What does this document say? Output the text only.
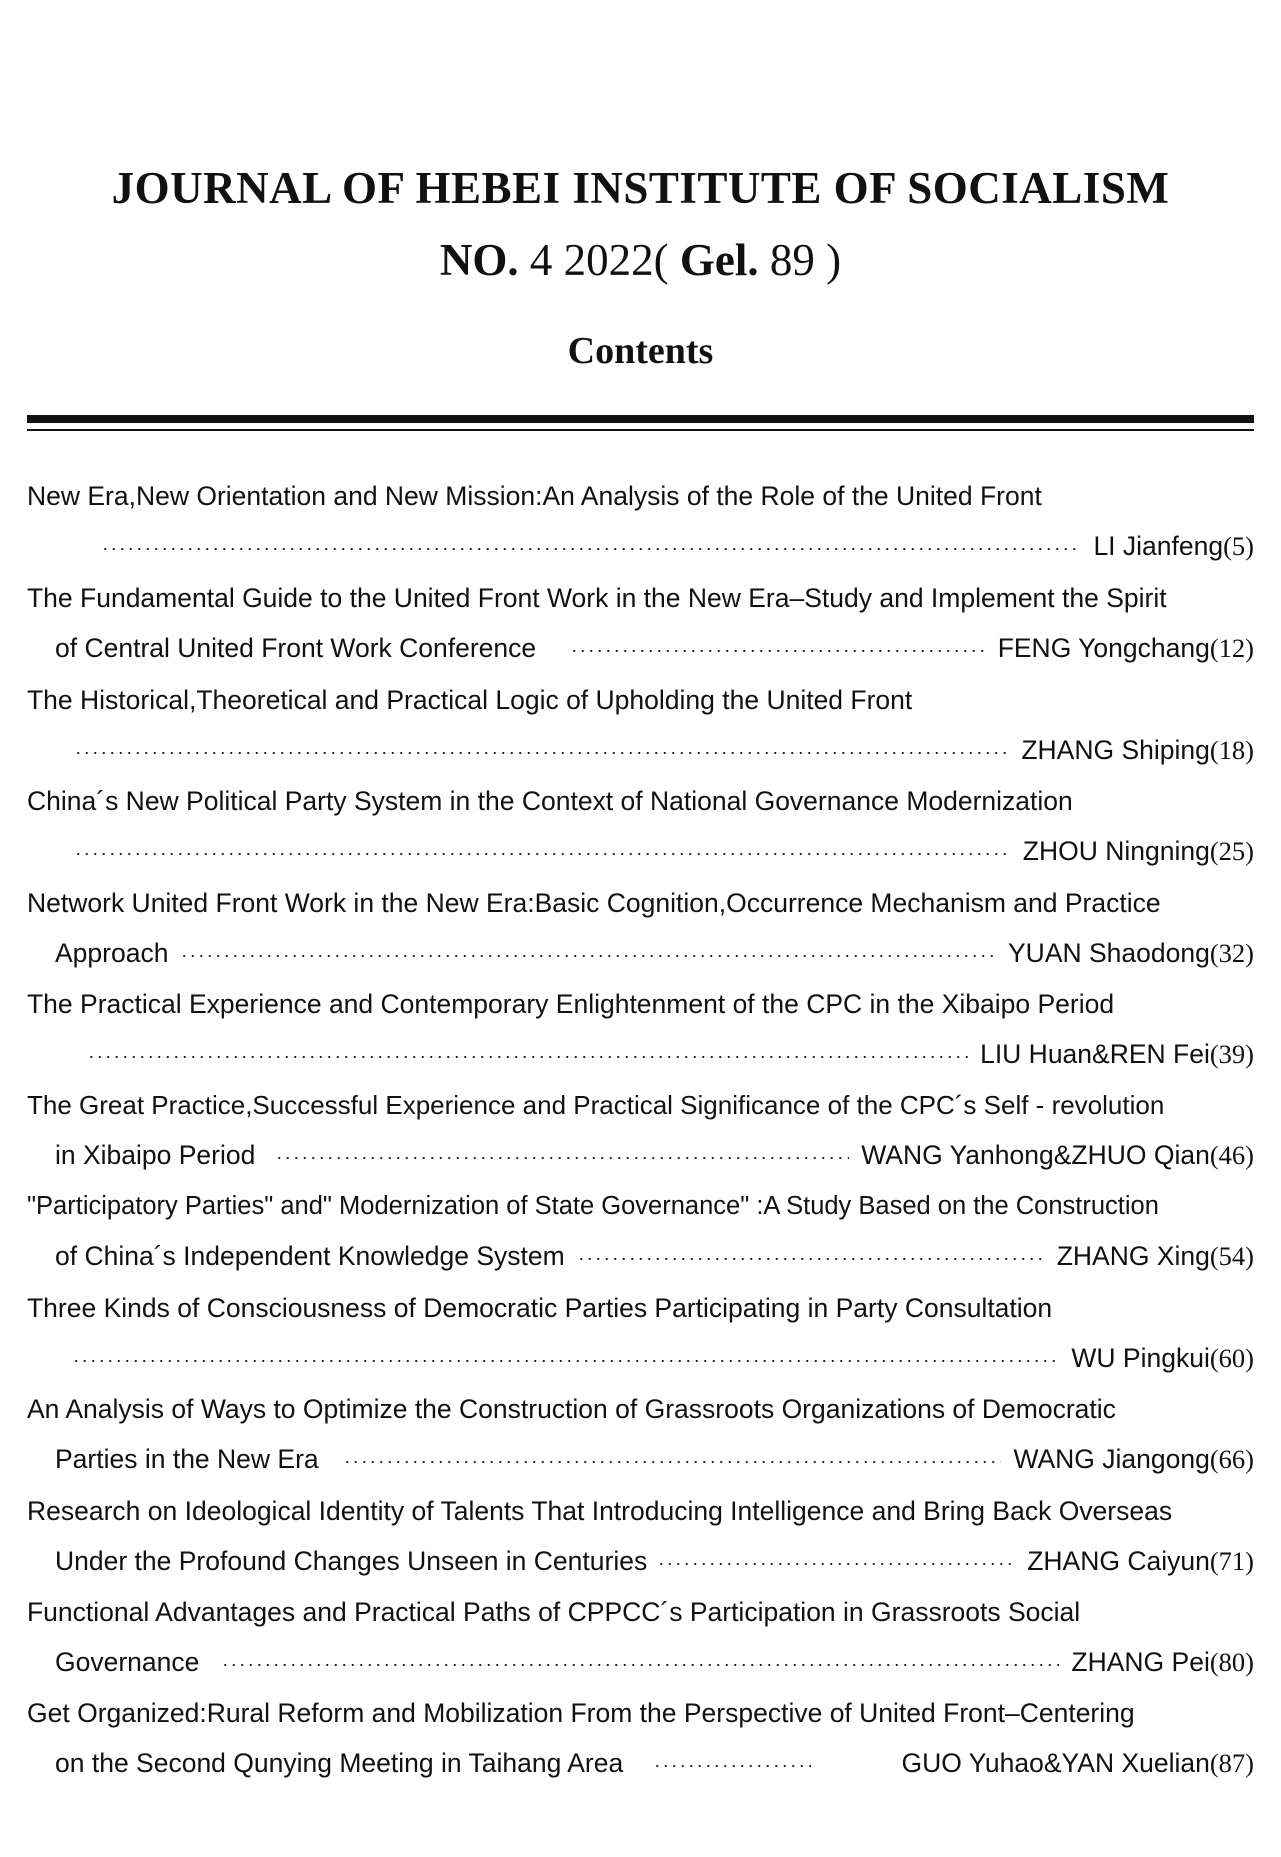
JOURNAL OF HEBEI INSTITUTE OF SOCIALISM

NO. 4 2022( Gel. 89 )

Contents
New Era,New Orientation and New Mission:An Analysis of the Role of the United Front
LI Jianfeng (5)
The Fundamental Guide to the United Front Work in the New Era–Study and Implement the Spirit
of Central United Front Work Conference	FENG Yongchang (12)
The Historical,Theoretical and Practical Logic of Upholding the United Front
ZHANG Shiping (18)
China´s New Political Party System in the Context of National Governance Modernization
ZHOU Ningning (25)
Network United Front Work in the New Era:Basic Cognition,Occurrence Mechanism and Practice
Approach	YUAN Shaodong (32)
The Practical Experience and Contemporary Enlightenment of the CPC in the Xibaipo Period
LIU Huan&REN Fei (39)
The Great Practice,Successful Experience and Practical Significance of the CPC´s Self - revolution
in Xibaipo Period	WANG Yanhong&ZHUO Qian (46)
"Participatory Parties" and" Modernization of State Governance" :A Study Based on the Construction
of China´s Independent Knowledge System	ZHANG Xing (54)
Three Kinds of Consciousness of Democratic Parties Participating in Party Consultation
WU Pingkui (60)
An Analysis of Ways to Optimize the Construction of Grassroots Organizations of Democratic
Parties in the New Era	WANG Jiangong (66)
Research on Ideological Identity of Talents That Introducing Intelligence and Bring Back Overseas
Under the Profound Changes Unseen in Centuries	ZHANG Caiyun (71)
Functional Advantages and Practical Paths of CPPCC´s Participation in Grassroots Social
Governance	ZHANG Pei (80)
Get Organized:Rural Reform and Mobilization From the Perspective of United Front–Centering
on the Second Qunying Meeting in Taihang Area	GUO Yuhao&YAN Xuelian (87)
